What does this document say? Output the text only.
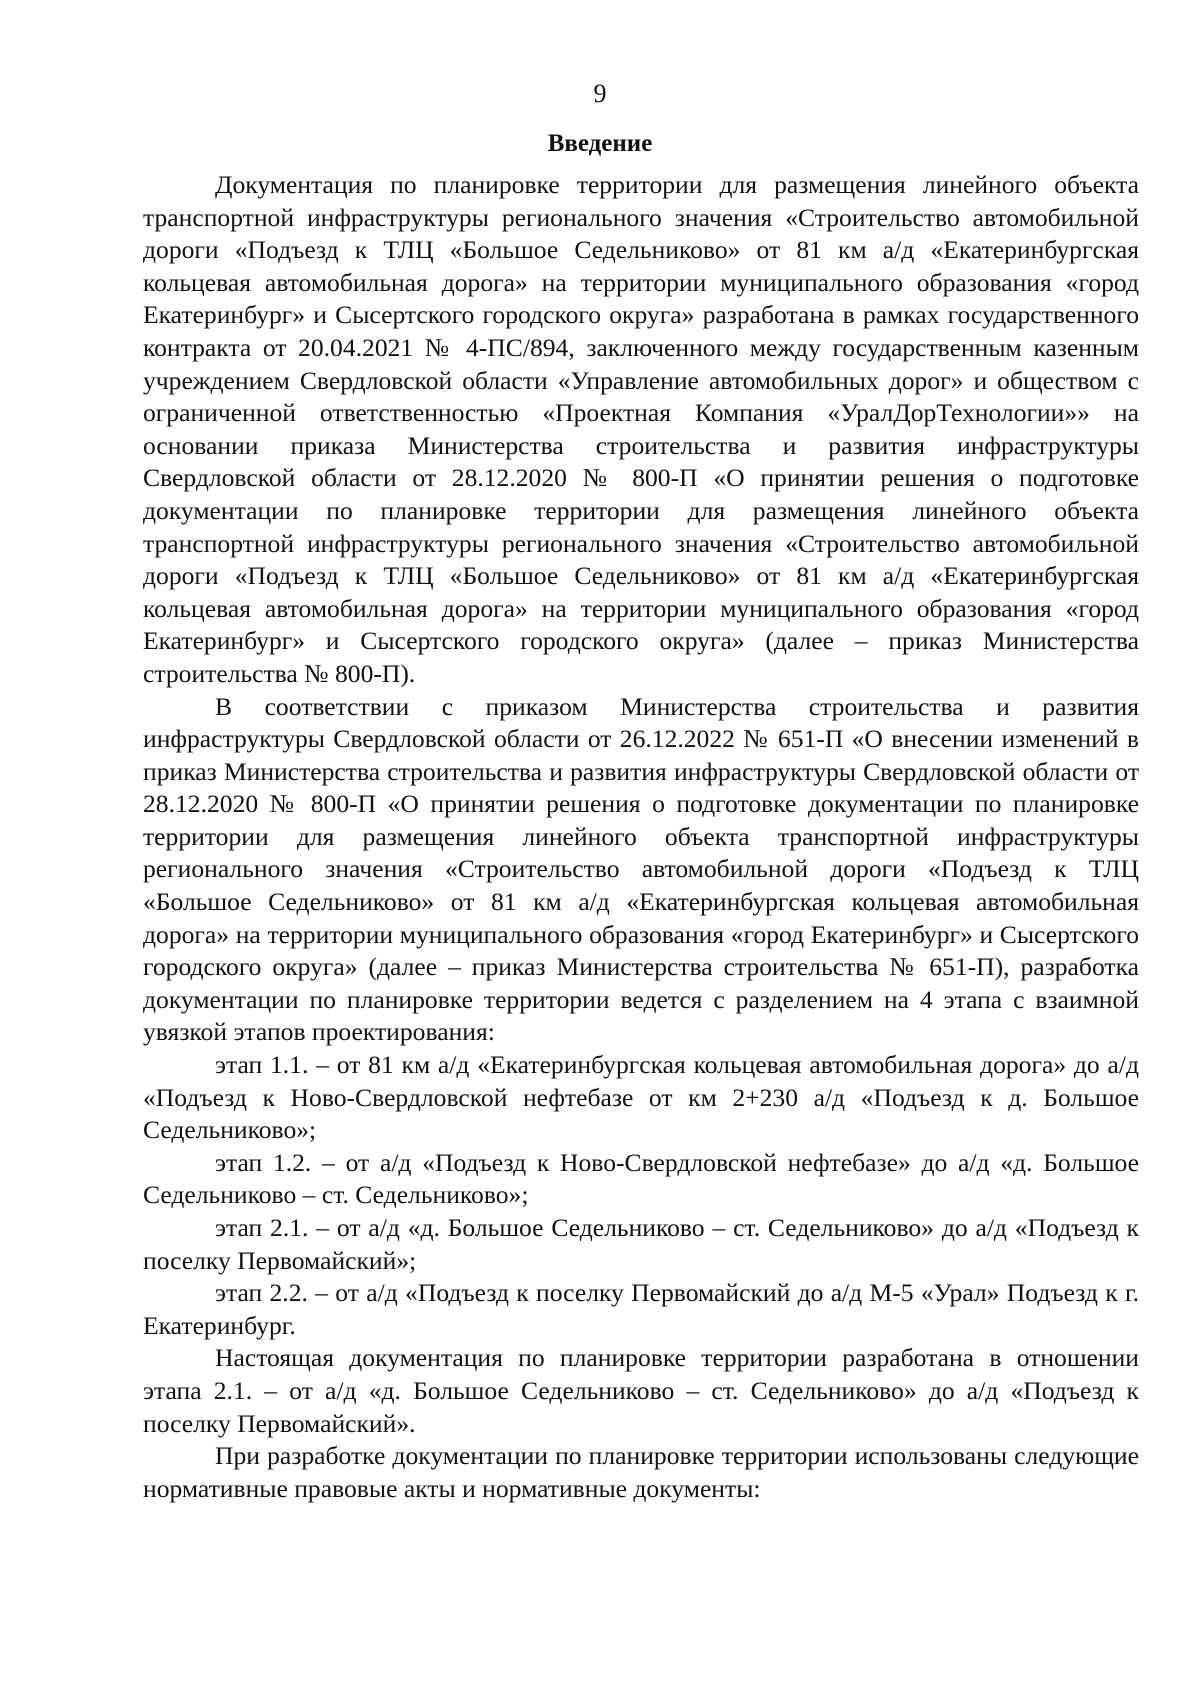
9
Введение

Документация по планировке территории для размещения линейного объекта транспортной инфраструктуры регионального значения «Строительство автомобильной дороги «Подъезд к ТЛЦ «Большое Седельниково» от 81 км а/д «Екатеринбургская кольцевая автомобильная дорога» на территории муниципального образования «город Екатеринбург» и Сысертского городского округа» разработана в рамках государственного контракта от 20.04.2021 № 4-ПС/894, заключенного между государственным казенным учреждением Свердловской области «Управление автомобильных дорог» и обществом с ограниченной ответственностью «Проектная Компания «УралДорТехнологии»» на основании приказа Министерства строительства и развития инфраструктуры Свердловской области от 28.12.2020 № 800-П «О принятии решения о подготовке документации по планировке территории для размещения линейного объекта транспортной инфраструктуры регионального значения «Строительство автомобильной дороги «Подъезд к ТЛЦ «Большое Седельниково» от 81 км а/д «Екатеринбургская кольцевая автомобильная дорога» на территории муниципального образования «город Екатеринбург» и Сысертского городского округа» (далее – приказ Министерства строительства № 800-П).

В соответствии с приказом Министерства строительства и развития инфраструктуры Свердловской области от 26.12.2022 № 651-П «О внесении изменений в приказ Министерства строительства и развития инфраструктуры Свердловской области от 28.12.2020 № 800-П «О принятии решения о подготовке документации по планировке территории для размещения линейного объекта транспортной инфраструктуры регионального значения «Строительство автомобильной дороги «Подъезд к ТЛЦ «Большое Седельниково» от 81 км а/д «Екатеринбургская кольцевая автомобильная дорога» на территории муниципального образования «город Екатеринбург» и Сысертского городского округа» (далее – приказ Министерства строительства № 651-П), разработка документации по планировке территории ведется с разделением на 4 этапа с взаимной увязкой этапов проектирования:

этап 1.1. – от 81 км а/д «Екатеринбургская кольцевая автомобильная дорога» до а/д «Подъезд к Ново-Свердловской нефтебазе от км 2+230 а/д «Подъезд к д. Большое Седельниково»;

этап 1.2. – от а/д «Подъезд к Ново-Свердловской нефтебазе» до а/д «д. Большое Седельниково – ст. Седельниково»;

этап 2.1. – от а/д «д. Большое Седельниково – ст. Седельниково» до а/д «Подъезд к поселку Первомайский»;

этап 2.2. – от а/д «Подъезд к поселку Первомайский до а/д М-5 «Урал» Подъезд к г. Екатеринбург.

Настоящая документация по планировке территории разработана в отношении этапа 2.1. – от а/д «д. Большое Седельниково – ст. Седельниково» до а/д «Подъезд к поселку Первомайский».

При разработке документации по планировке территории использованы следующие нормативные правовые акты и нормативные документы:
